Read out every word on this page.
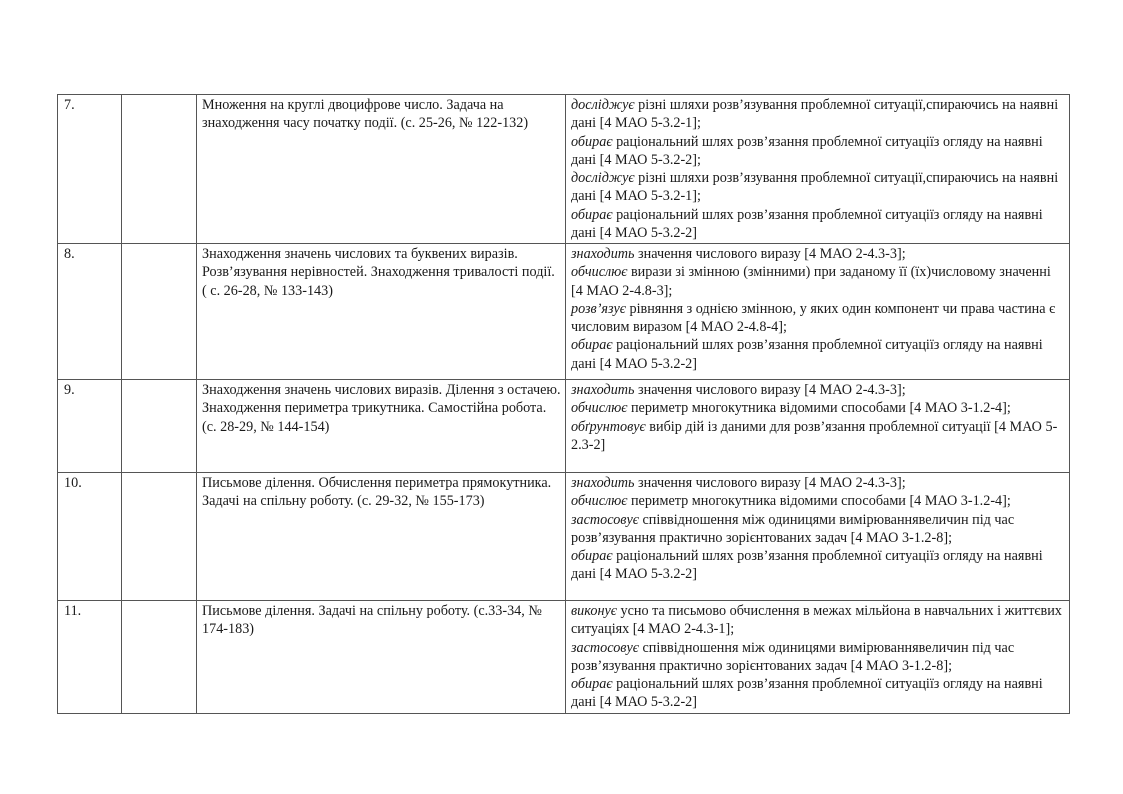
7.		Множення на круглі двоцифрове число. Задача на знаходження часу початку події. (с. 25-26, № 122-132)	досліджує різні шляхи розв’язування проблемної ситуації,спираючись на наявні дані [4 МАО 5-3.2-1];
обирає раціональний шлях розв’язання проблемної ситуаціїз огляду на наявні дані [4 МАО 5-3.2-2];
досліджує різні шляхи розв’язування проблемної ситуації,спираючись на наявні дані [4 МАО 5-3.2-1];
обирає раціональний шлях розв’язання проблемної ситуаціїз огляду на наявні дані [4 МАО 5-3.2-2]

8.		Знаходження значень числових та буквених виразів. Розв’язування нерівностей. Знаходження тривалості події. ( с. 26-28, № 133-143)	знаходить значення числового виразу [4 МАО 2-4.3-3];
обчислює вирази зі змінною (змінними) при заданому її (їх)числовому значенні [4 МАО 2-4.8-3];
розв’язує рівняння з однією змінною, у яких один компонент чи права частина є числовим виразом [4 МАО 2-4.8-4];
обирає раціональний шлях розв’язання проблемної ситуаціїз огляду на наявні дані [4 МАО 5-3.2-2]

9.		Знаходження значень числових виразів. Ділення з остачею. Знаходження периметра трикутника. Самостійна робота. (с. 28-29, № 144-154)	знаходить значення числового виразу [4 МАО 2-4.3-3];
обчислює периметр многокутника відомими способами [4 МАО 3-1.2-4];
обґрунтовує вибір дій із даними для розв’язання проблемної ситуації [4 МАО 5-2.3-2]

10.		Письмове ділення. Обчислення периметра прямокутника. Задачі на спільну роботу. (с. 29-32, № 155-173)	знаходить значення числового виразу [4 МАО 2-4.3-3];
обчислює периметр многокутника відомими способами [4 МАО 3-1.2-4];
застосовує співвідношення між одиницями вимірюваннявеличин під час розв’язування практично зорієнтованих задач [4 МАО 3-1.2-8];
обирає раціональний шлях розв’язання проблемної ситуаціїз огляду на наявні дані [4 МАО 5-3.2-2]

11.		Письмове ділення. Задачі на спільну роботу. (с.33-34, № 174-183)	виконує усно та письмово обчислення в межах мільйона в навчальних і життєвих ситуаціях [4 МАО 2-4.3-1];
застосовує співвідношення між одиницями вимірюваннявеличин під час розв’язування практично зорієнтованих задач [4 МАО 3-1.2-8];
обирає раціональний шлях розв’язання проблемної ситуаціїз огляду на наявні дані [4 МАО 5-3.2-2]
